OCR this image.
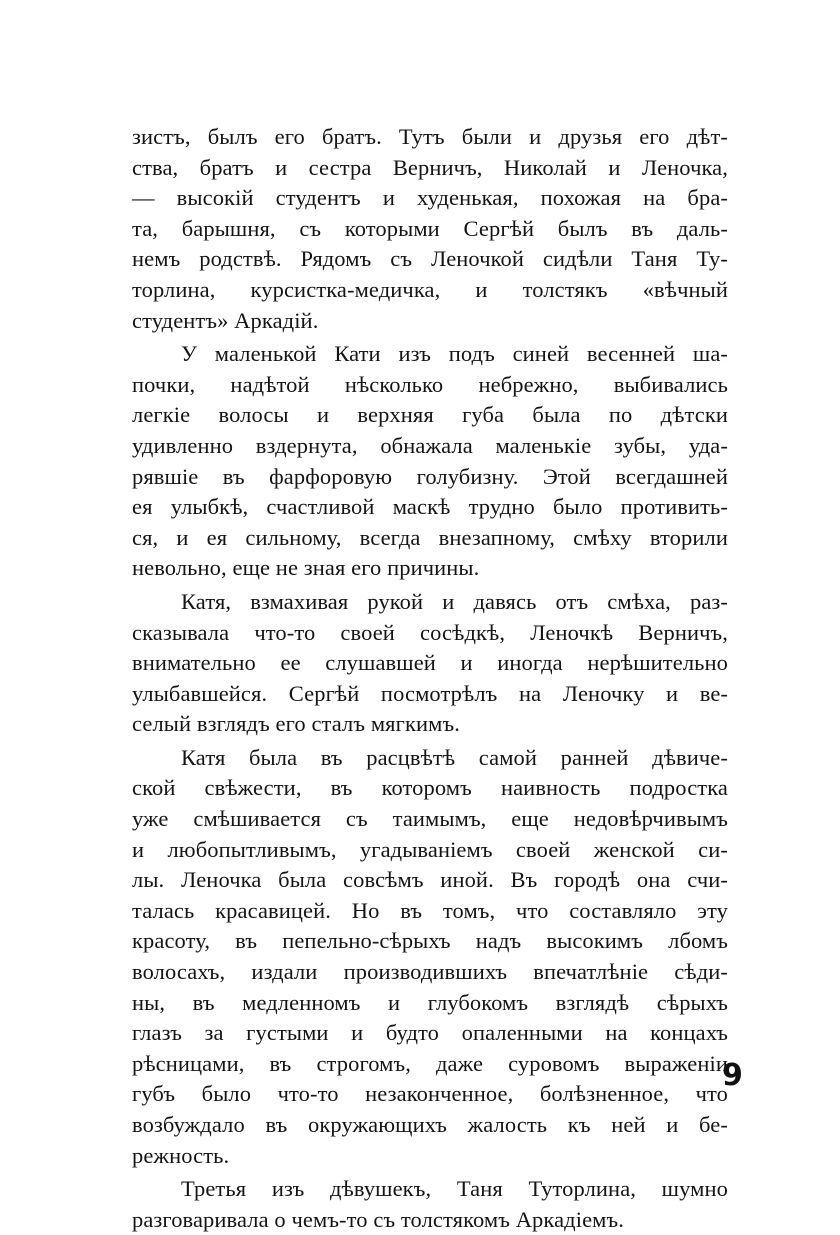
зистъ, былъ его братъ. Тутъ были и друзья его дѣт-
ства, братъ и сестра Верничъ, Николай и Леночка,
— высокій студентъ и худенькая, похожая на бра-
та, барышня, съ которыми Сергѣй былъ въ даль-
немъ родствѣ. Рядомъ съ Леночкой сидѣли Таня Ту-
торлина, курсистка-медичка, и толстякъ «вѣчный
студентъ» Аркадій.
У маленькой Кати изъ подъ синей весенней ша-
почки, надѣтой нѣсколько небрежно, выбивались
легкіе волосы и верхняя губа была по дѣтски
удивленно вздернута, обнажала маленькіе зубы, уда-
рявшіе въ фарфоровую голубизну. Этой всегдашней
ея улыбкѣ, счастливой маскѣ трудно было противить-
ся, и ея сильному, всегда внезапному, смѣху вторили
невольно, еще не зная его причины.
Катя, взмахивая рукой и давясь отъ смѣха, раз-
сказывала что-то своей сосѣдкѣ, Леночкѣ Верничъ,
внимательно ее слушавшей и иногда нерѣшительно
улыбавшейся. Сергѣй посмотрѣлъ на Леночку и ве-
селый взглядъ его сталъ мягкимъ.
Катя была въ расцвѣтѣ самой ранней дѣвиче-
ской свѣжести, въ которомъ наивность подростка
уже смѣшивается съ таимымъ, еще недовѣрчивымъ
и любопытливымъ, угадываніемъ своей женской си-
лы. Леночка была совсѣмъ иной. Въ городѣ она счи-
талась красавицей. Но въ томъ, что составляло эту
красоту, въ пепельно-сѣрыхъ надъ высокимъ лбомъ
волосахъ, издали производившихъ впечатлѣніе сѣди-
ны, въ медленномъ и глубокомъ взглядѣ сѣрыхъ
глазъ за густыми и будто опаленными на концахъ
рѣсницами, въ строгомъ, даже суровомъ выраженіи
губъ было что-то незаконченное, болѣзненное, что
возбуждало въ окружающихъ жалость къ ней и бе-
режность.
Третья изъ дѣвушекъ, Таня Туторлина, шумно
разговаривала о чемъ-то съ толстякомъ Аркадіемъ.
9
